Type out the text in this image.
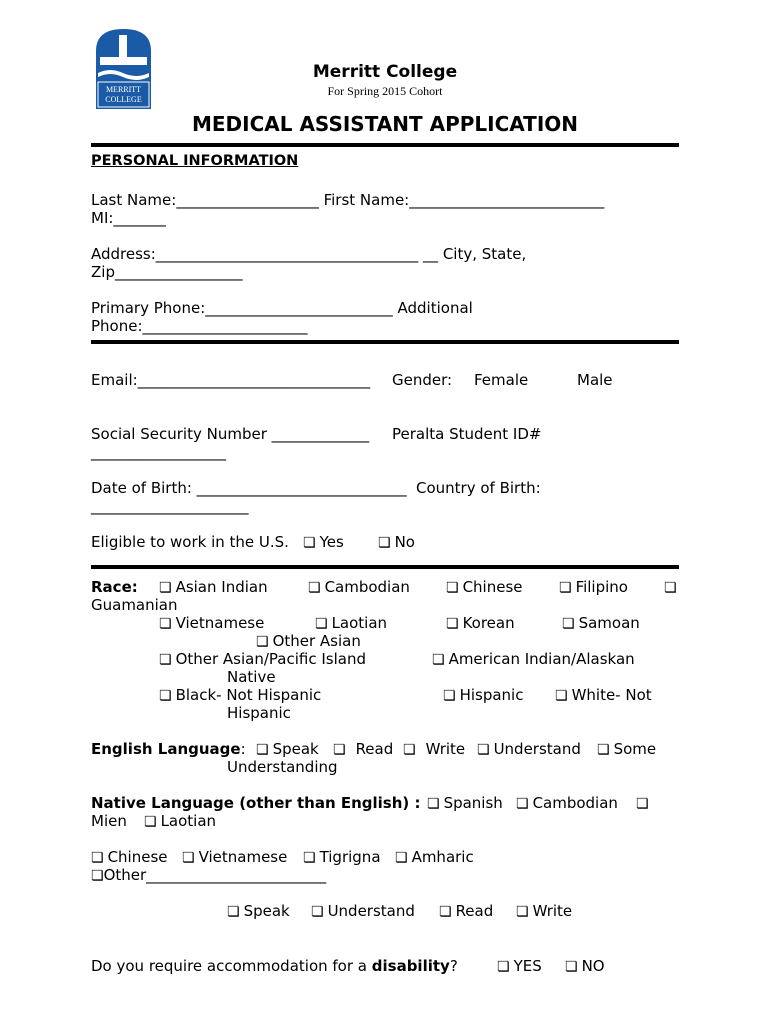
MERRITT
COLLEGE
Merritt College
For Spring 2015 Cohort
MEDICAL ASSISTANT APPLICATION
PERSONAL INFORMATION
Last Name:___________________ First Name:__________________________
MI:_______
Address:___________________________________ __ City, State,
Zip_________________
Primary Phone:_________________________ Additional
Phone:______________________
Email:_______________________________ Gender: Female	Male
Social Security Number _____________ Peralta Student ID#
__________________
Date of Birth: ____________________________ Country of Birth:
_____________________
Eligible to work in the U.S. ❏ Yes ❏ No
Race: ❏ Asian Indian	❏ Cambodian	❏ Chinese	❏ Filipino	❏
Guamanian
❏ Vietnamese	❏ Laotian	❏ Korean	❏ Samoan
❏ Other Asian
❏ Other Asian/Pacific Island	❏ American Indian/Alaskan
Native
❏ Black- Not Hispanic	❏ Hispanic ❏ White- Not
Hispanic
English Language: ❏ Speak ❏ Read ❏ Write ❏ Understand ❏ Some
Understanding
Native Language (other than English) : ❏ Spanish ❏ Cambodian ❏
Mien ❏ Laotian
❏ Chinese ❏ Vietnamese ❏ Tigrigna ❏ Amharic
❏Other________________________
❏ Speak ❏ Understand ❏ Read ❏ Write
Do you require accommodation for a disability?	❏ YES ❏ NO
